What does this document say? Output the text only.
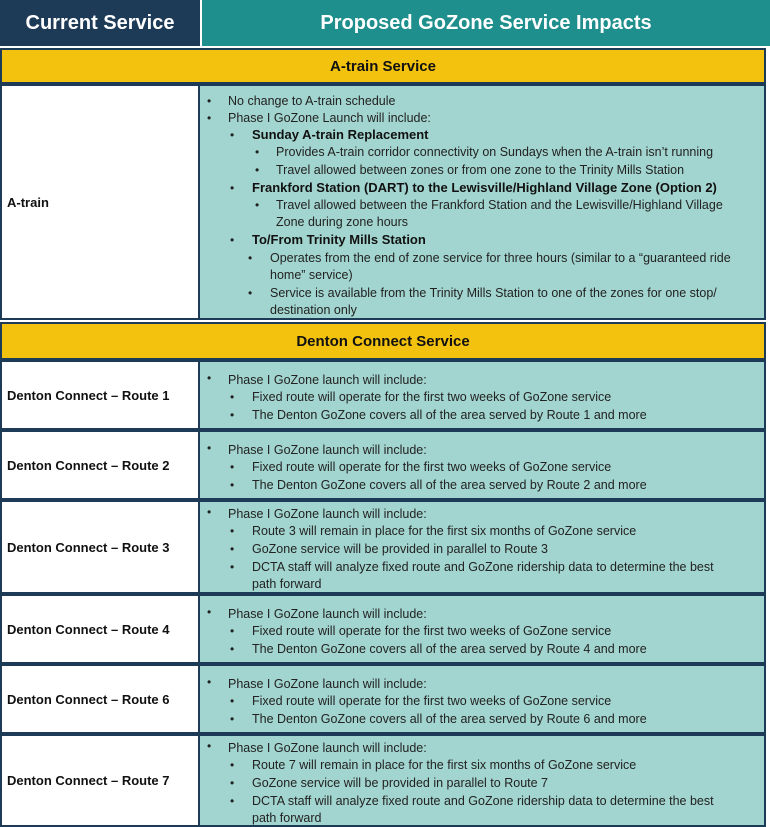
Current Service	Proposed GoZone Service Impacts
A-train Service
A-train
• No change to A-train schedule
• Phase I GoZone Launch will include:
• Sunday A-train Replacement
• Provides A-train corridor connectivity on Sundays when the A-train isn’t running
• Travel allowed between zones or from one zone to the Trinity Mills Station
• Frankford Station (DART) to the Lewisville/Highland Village Zone (Option 2)
• Travel allowed between the Frankford Station and the Lewisville/Highland Village
Zone during zone hours
• To/From Trinity Mills Station
• Operates from the end of zone service for three hours (similar to a “guaranteed ride
home” service)
• Service is available from the Trinity Mills Station to one of the zones for one stop/
destination only
Denton Connect Service
Denton Connect – Route 1
• Phase I GoZone launch will include:
• Fixed route will operate for the first two weeks of GoZone service
• The Denton GoZone covers all of the area served by Route 1 and more
Denton Connect – Route 2
• Phase I GoZone launch will include:
• Fixed route will operate for the first two weeks of GoZone service
• The Denton GoZone covers all of the area served by Route 2 and more
Denton Connect – Route 3
• Phase I GoZone launch will include:
• Route 3 will remain in place for the first six months of GoZone service
• GoZone service will be provided in parallel to Route 3
• DCTA staff will analyze fixed route and GoZone ridership data to determine the best
path forward
Denton Connect – Route 4
• Phase I GoZone launch will include:
• Fixed route will operate for the first two weeks of GoZone service
• The Denton GoZone covers all of the area served by Route 4 and more
Denton Connect – Route 6
• Phase I GoZone launch will include:
• Fixed route will operate for the first two weeks of GoZone service
• The Denton GoZone covers all of the area served by Route 6 and more
Denton Connect – Route 7
• Phase I GoZone launch will include:
• Route 7 will remain in place for the first six months of GoZone service
• GoZone service will be provided in parallel to Route 7
• DCTA staff will analyze fixed route and GoZone ridership data to determine the best
path forward
